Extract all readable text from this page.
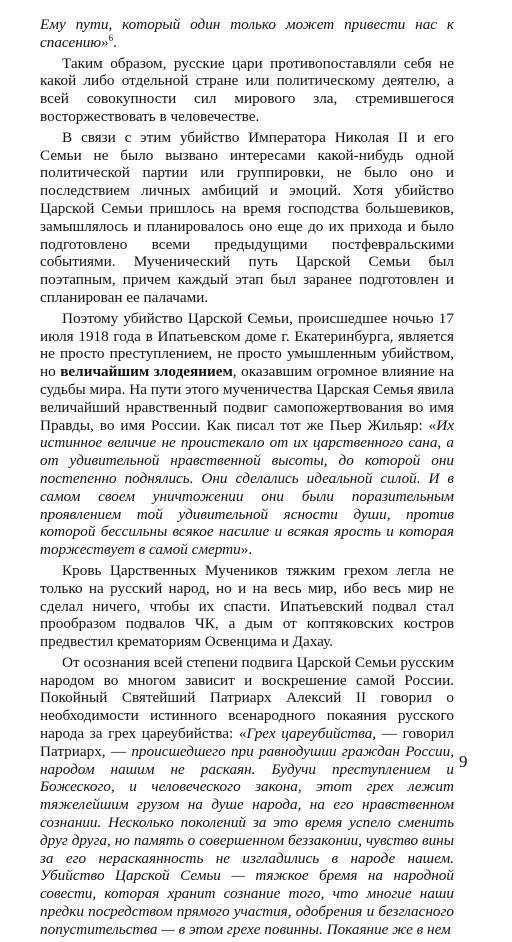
Ему пути, который один только может привести нас к спасению»$^6$.

Таким образом, русские цари противопоставляли себя не какой либо отдельной стране или политическому деятелю, а всей совокупности сил мирового зла, стремившегося восторжествовать в человечестве.

В связи с этим убийство Императора Николая II и его Семьи не было вызвано интересами какой-нибудь одной политической партии или группировки, не было оно и последствием личных амбиций и эмоций. Хотя убийство Царской Семьи пришлось на время господства большевиков, замышлялось и планировалось оно еще до их прихода и было подготовлено всеми предыдущими постфевральскими событиями. Мученический путь Царской Семьи был поэтапным, причем каждый этап был заранее подготовлен и спланирован ее палачами.

Поэтому убийство Царской Семьи, происшедшее ночью 17 июля 1918 года в Ипатьевском доме г. Екатеринбурга, является не просто преступлением, не просто умышленным убийством, но величайшим злодеянием, оказавшим огромное влияние на судьбы мира. На пути этого мученичества Царская Семья явила величайший нравственный подвиг самопожертвования во имя Правды, во имя России. Как писал тот же Пьер Жильяр: «Их истинное величие не проистекало от их царственного сана, а от удивительной нравственной высоты, до которой они постепенно поднялись. Они сделались идеальной силой. И в самом своем уничтожении они были поразительным проявлением той удивительной ясности души, против которой бессильны всякое насилие и всякая ярость и которая торжествует в самой смерти».

Кровь Царственных Мучеников тяжким грехом легла не только на русский народ, но и на весь мир, ибо весь мир не сделал ничего, чтобы их спасти. Ипатьевский подвал стал прообразом подвалов ЧК, а дым от коптяковских костров предвестил крематориям Освенцима и Дахау.

От осознания всей степени подвига Царской Семьи русским народом во многом зависит и воскрешение самой России. Покойный Святейший Патриарх Алексий II говорил о необходимости истинного всенародного покаяния русского народа за грех цареубийства: «Грех цареубийства, — говорил Патриарх, — происшедшего при равнодушии граждан России, народом нашим не раскаян. Будучи преступлением и Божеского, и человеческого закона, этот грех лежит тяжелейшим грузом на душе народа, на его нравственном сознании. Несколько поколений за это время успело сменить друг друга, но память о совершенном беззаконии, чувство вины за его нераскаянность не изгладились в народе нашем. Убийство Царской Семьи — тяжкое бремя на народной совести, которая хранит сознание того, что многие наши предки посредством прямого участия, одобрения и безгласного попустительства — в этом грехе повинны. Покаяние же в нем

9
